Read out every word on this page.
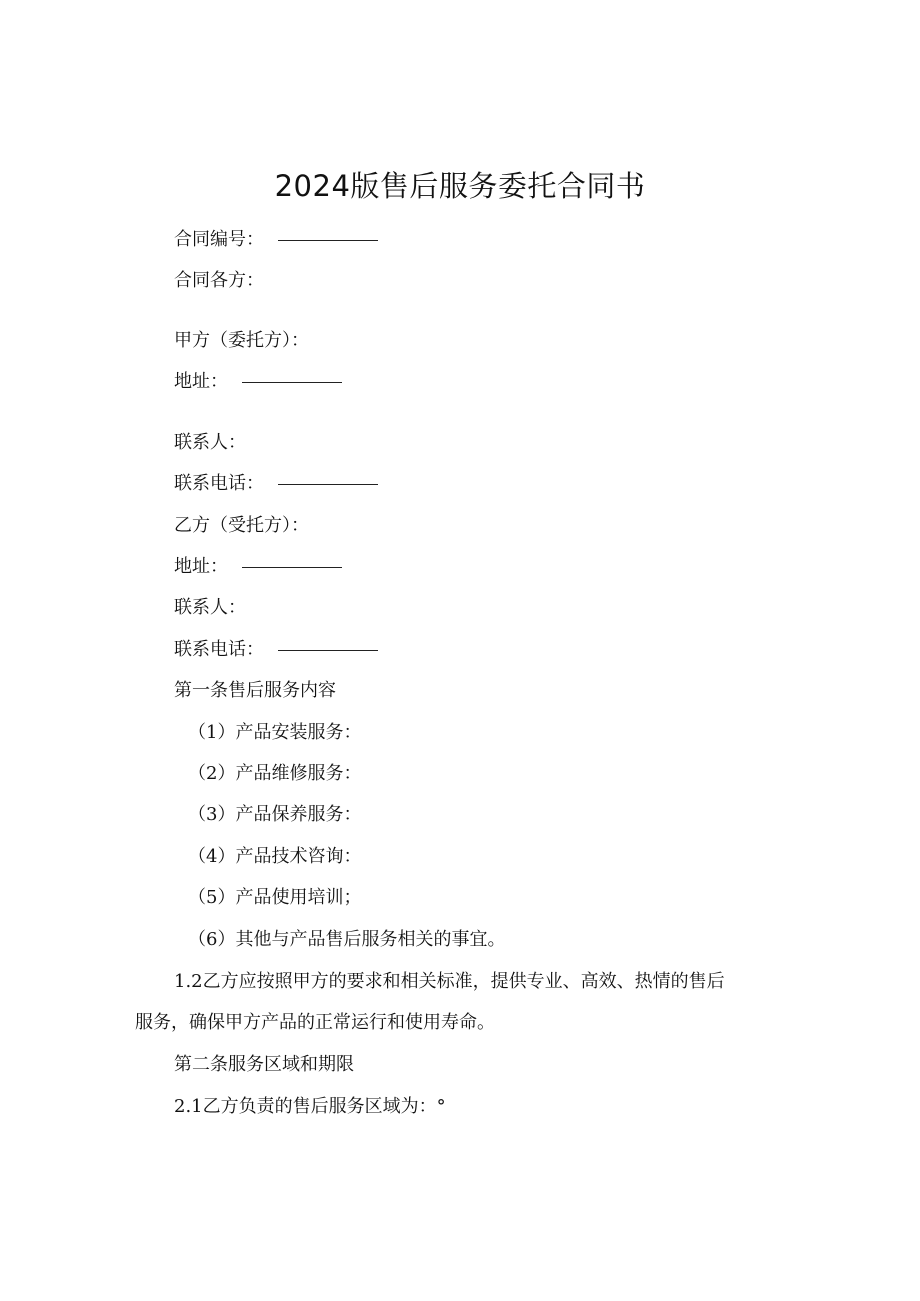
2024版售后服务委托合同书
合同编号：
合同各方：
甲方（委托方）：
地址：
联系人：
联系电话：
乙方（受托方）：
地址：
联系人：
联系电话：
第一条售后服务内容
（1）产品安装服务：
（2）产品维修服务：
（3）产品保养服务：
（4）产品技术咨询：
（5）产品使用培训；
（6）其他与产品售后服务相关的事宜。
1.2乙方应按照甲方的要求和相关标准，提供专业、高效、热情的售后
服务，确保甲方产品的正常运行和使用寿命。
第二条服务区域和期限
2.1乙方负责的售后服务区域为：°
